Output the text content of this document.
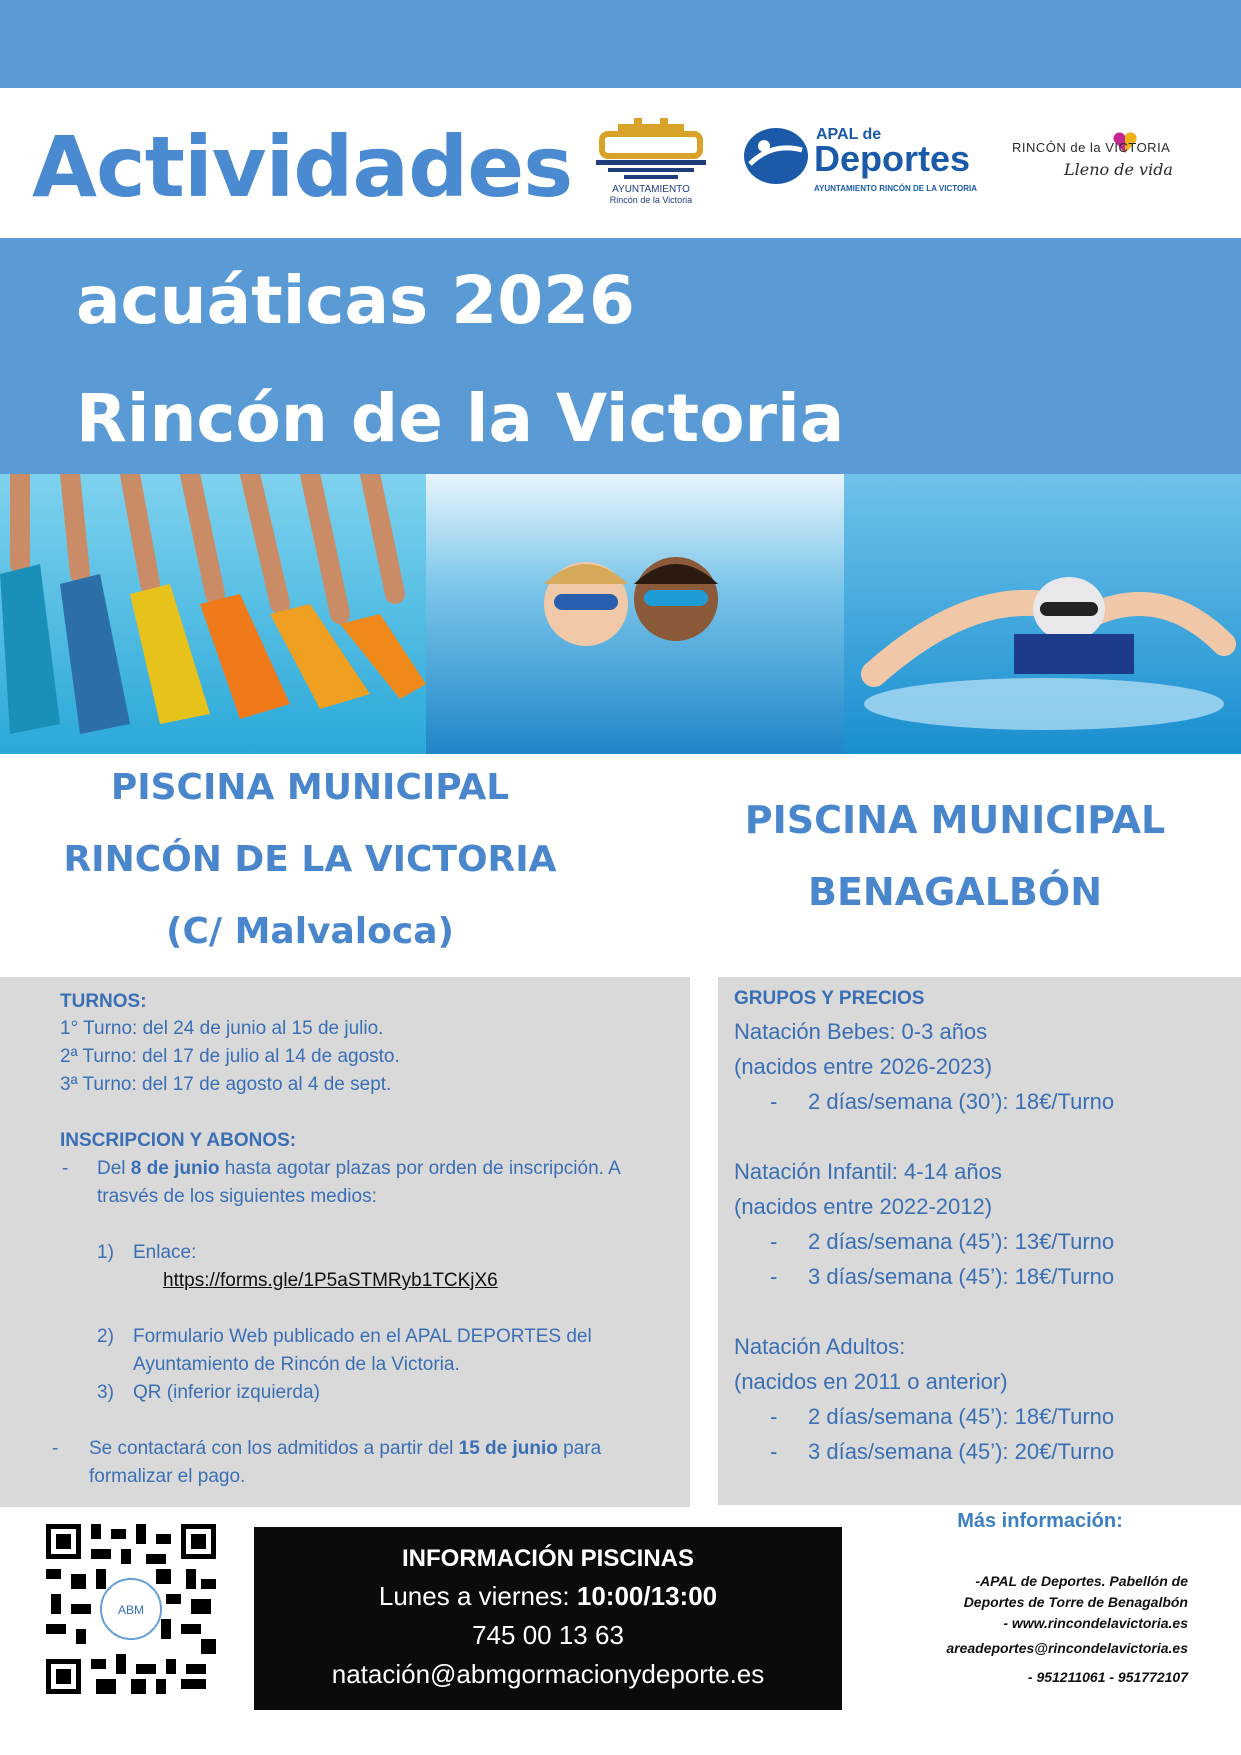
Actividades	AYUNTAMIENTO
Rincón de la Victoria
APAL de
Deportes
AYUNTAMIENTO RINCÓN DE LA VICTORIA
RINCÓN de la VICTORIA
Lleno de vida
acuáticas 2026
Rincón de la Victoria
PISCINA MUNICIPAL
RINCÓN DE LA VICTORIA
(C/ Malvaloca)
PISCINA MUNICIPAL
BENAGALBÓN
TURNOS:
1° Turno: del 24 de junio al 15 de julio.
2ª Turno: del 17 de julio al 14 de agosto.
3ª Turno: del 17 de agosto al 4 de sept.
INSCRIPCION Y ABONOS:
- Del 8 de junio hasta agotar plazas por orden de inscripción. A
trasvés de los siguientes medios:
1) Enlace:
https://forms.gle/1P5aSTMRyb1TCKjX6
2) Formulario Web publicado en el APAL DEPORTES del
Ayuntamiento de Rincón de la Victoria.
3) QR (inferior izquierda)
- Se contactará con los admitidos a partir del 15 de junio para
formalizar el pago.
GRUPOS Y PRECIOS
Natación Bebes: 0-3 años
(nacidos entre 2026-2023)
- 2 días/semana (30’): 18€/Turno
Natación Infantil: 4-14 años
(nacidos entre 2022-2012)
- 2 días/semana (45’): 13€/Turno
- 3 días/semana (45’): 18€/Turno
Natación Adultos:
(nacidos en 2011 o anterior)
- 2 días/semana (45’): 18€/Turno
- 3 días/semana (45’): 20€/Turno
ABM
INFORMACIÓN PISCINAS
Lunes a viernes: 10:00/13:00
745 00 13 63
natación@abmgormacionydeporte.es
Más información:
-APAL de Deportes. Pabellón de
Deportes de Torre de Benagalbón
- www.rincondelavictoria.es
areadeportes@rincondelavictoria.es
- 951211061 - 951772107
